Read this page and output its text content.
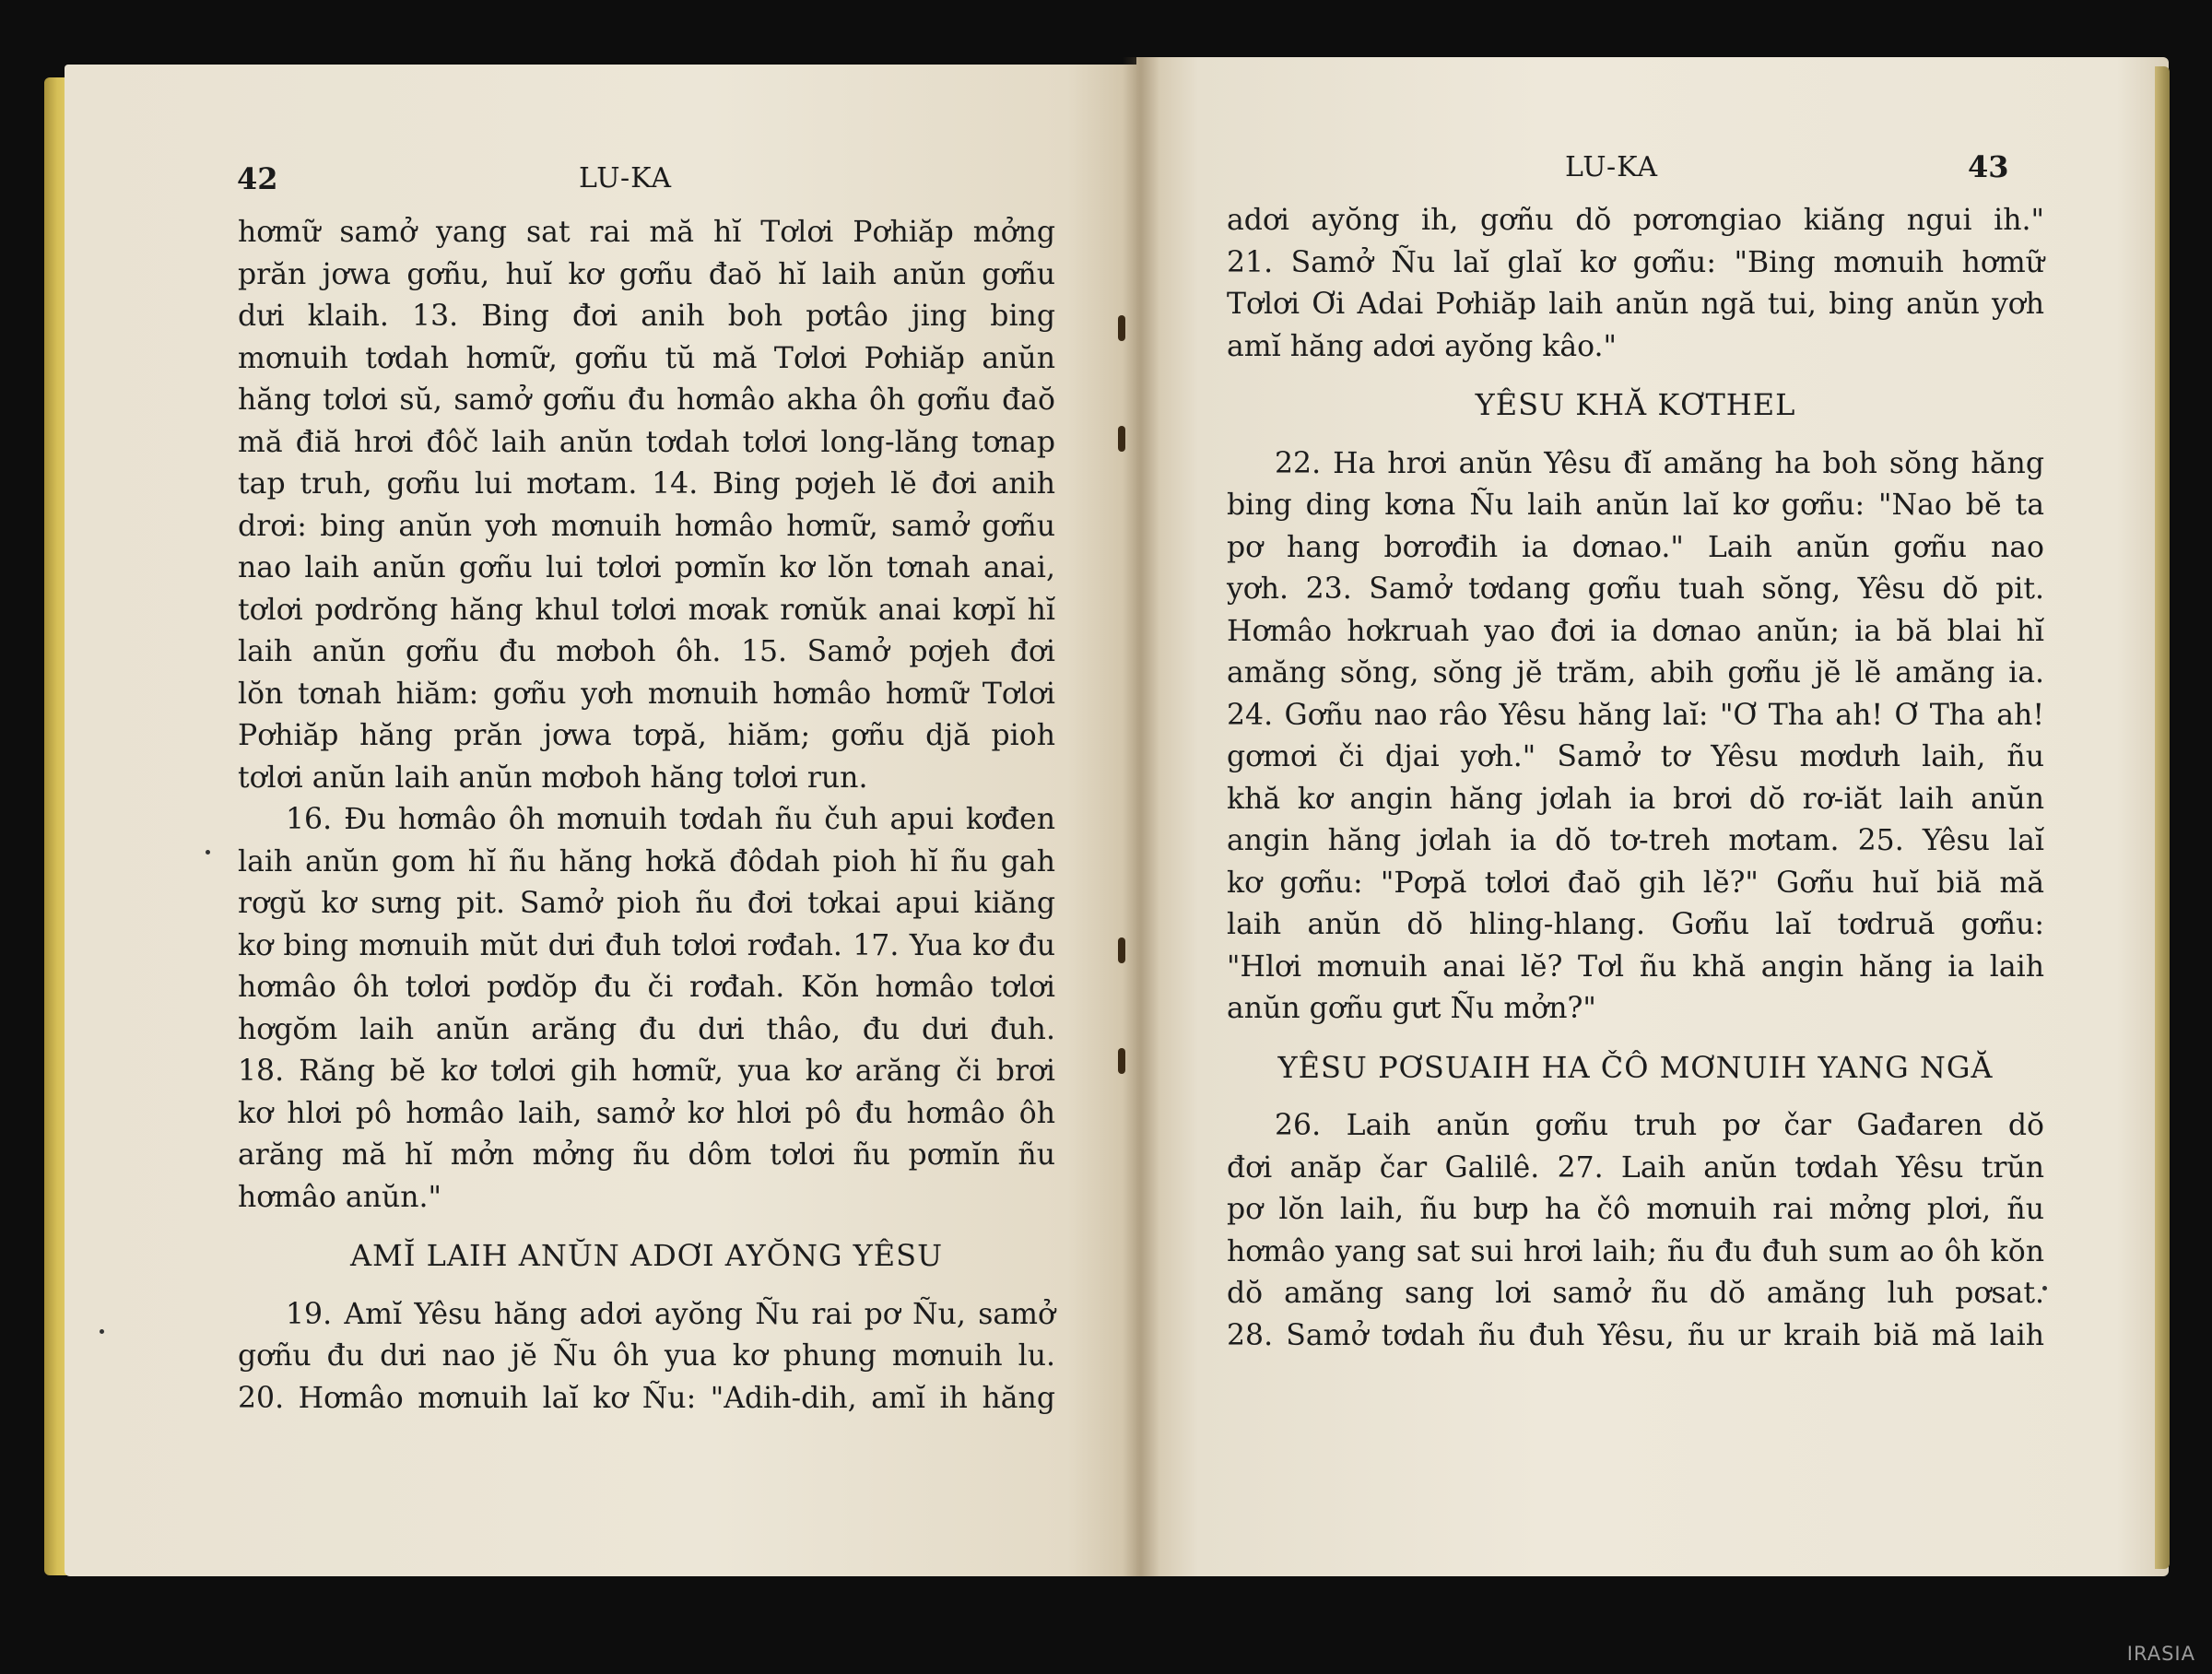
42	LU-KA
hơmữ samở yang sat rai mă hĭ Tơlơi Pơhiăp mởng
prăn jơwa gơñu, huĭ kơ gơñu đaŏ hĭ laih anŭn gơñu
dưi klaih. 13. Bing đơi anih boh pơtâo jing bing
mơnuih tơdah hơmữ, gơñu tŭ mă Tơlơi Pơhiăp anŭn
hăng tơlơi sŭ, samở gơñu đu hơmâo akha ôh gơñu đaŏ
mă điă hrơi đôč laih anŭn tơdah tơlơi long-lăng tơnap
tap truh, gơñu lui mơtam. 14. Bing pơjeh lĕ đơi anih
drơi: bing anŭn yơh mơnuih hơmâo hơmữ, samở gơñu
nao laih anŭn gơñu lui tơlơi pơmĭn kơ lŏn tơnah anai,
tơlơi pơdrŏng hăng khul tơlơi mơak rơnŭk anai kơpĭ hĭ
laih anŭn gơñu đu mơboh ôh. 15. Samở pơjeh đơi
lŏn tơnah hiăm: gơñu yơh mơnuih hơmâo hơmữ Tơlơi
Pơhiăp hăng prăn jơwa tơpă, hiăm; gơñu djă pioh
tơlơi anŭn laih anŭn mơboh hăng tơlơi run.
16. Đu hơmâo ôh mơnuih tơdah ñu čuh apui kơđen
laih anŭn gom hĭ ñu hăng hơkă đôdah pioh hĭ ñu gah
rơgŭ kơ sưng pit. Samở pioh ñu đơi tơkai apui kiăng
kơ bing mơnuih mŭt dưi đuh tơlơi rơđah. 17. Yua kơ đu
hơmâo ôh tơlơi pơdŏp đu či rơđah. Kŏn hơmâo tơlơi
hơgŏm laih anŭn arăng đu dưi thâo, đu dưi đuh.
18. Răng bĕ kơ tơlơi gih hơmữ, yua kơ arăng či brơi
kơ hlơi pô hơmâo laih, samở kơ hlơi pô đu hơmâo ôh
arăng mă hĭ mởn mởng ñu dôm tơlơi ñu pơmĭn ñu
hơmâo anŭn."
AMĬ LAIH ANŬN ADƠI AYŎNG YÊSU
19. Amĭ Yêsu hăng adơi ayŏng Ñu rai pơ Ñu, samở
gơñu đu dưi nao jĕ Ñu ôh yua kơ phung mơnuih lu.
20. Hơmâo mơnuih laĭ kơ Ñu: "Adih-dih, amĭ ih hăng
LU-KA	43
adơi ayŏng ih, gơñu dŏ pơrơngiao kiăng ngui ih."
21. Samở Ñu laĭ glaĭ kơ gơñu: "Bing mơnuih hơmữ
Tơlơi Ơi Adai Pơhiăp laih anŭn ngă tui, bing anŭn yơh
amĭ hăng adơi ayŏng kâo."
YÊSU KHĂ KƠTHEL
22. Ha hrơi anŭn Yêsu đĭ amăng ha boh sŏng hăng
bing ding kơna Ñu laih anŭn laĭ kơ gơñu: "Nao bĕ ta
pơ hang bơrơđih ia dơnao." Laih anŭn gơñu nao
yơh. 23. Samở tơdang gơñu tuah sŏng, Yêsu dŏ pit.
Hơmâo hơkruah yao đơi ia dơnao anŭn; ia bă blai hĭ
amăng sŏng, sŏng jĕ trăm, abih gơñu jĕ lĕ amăng ia.
24. Gơñu nao râo Yêsu hăng laĭ: "Ơ Tha ah! Ơ Tha ah!
gơmơi či djai yơh." Samở tơ Yêsu mơdưh laih, ñu
khă kơ angin hăng jơlah ia brơi dŏ rơ-iăt laih anŭn
angin hăng jơlah ia dŏ tơ-treh mơtam. 25. Yêsu laĭ
kơ gơñu: "Pơpă tơlơi đaŏ gih lĕ?" Gơñu huĭ biă mă
laih anŭn dŏ hling-hlang. Gơñu laĭ tơdruă gơñu:
"Hlơi mơnuih anai lĕ? Tơl ñu khă angin hăng ia laih
anŭn gơñu gưt Ñu mởn?"
YÊSU PƠSUAIH HA ČÔ MƠNUIH YANG NGĂ
26. Laih anŭn gơñu truh pơ čar Gađaren dŏ
đơi anăp čar Galilê. 27. Laih anŭn tơdah Yêsu trŭn
pơ lŏn laih, ñu bưp ha čô mơnuih rai mởng plơi, ñu
hơmâo yang sat sui hrơi laih; ñu đu đuh sum ao ôh kŏn
dŏ amăng sang lơi samở ñu dŏ amăng luh pơsat.
28. Samở tơdah ñu đuh Yêsu, ñu ur kraih biă mă laih
IRASIA
